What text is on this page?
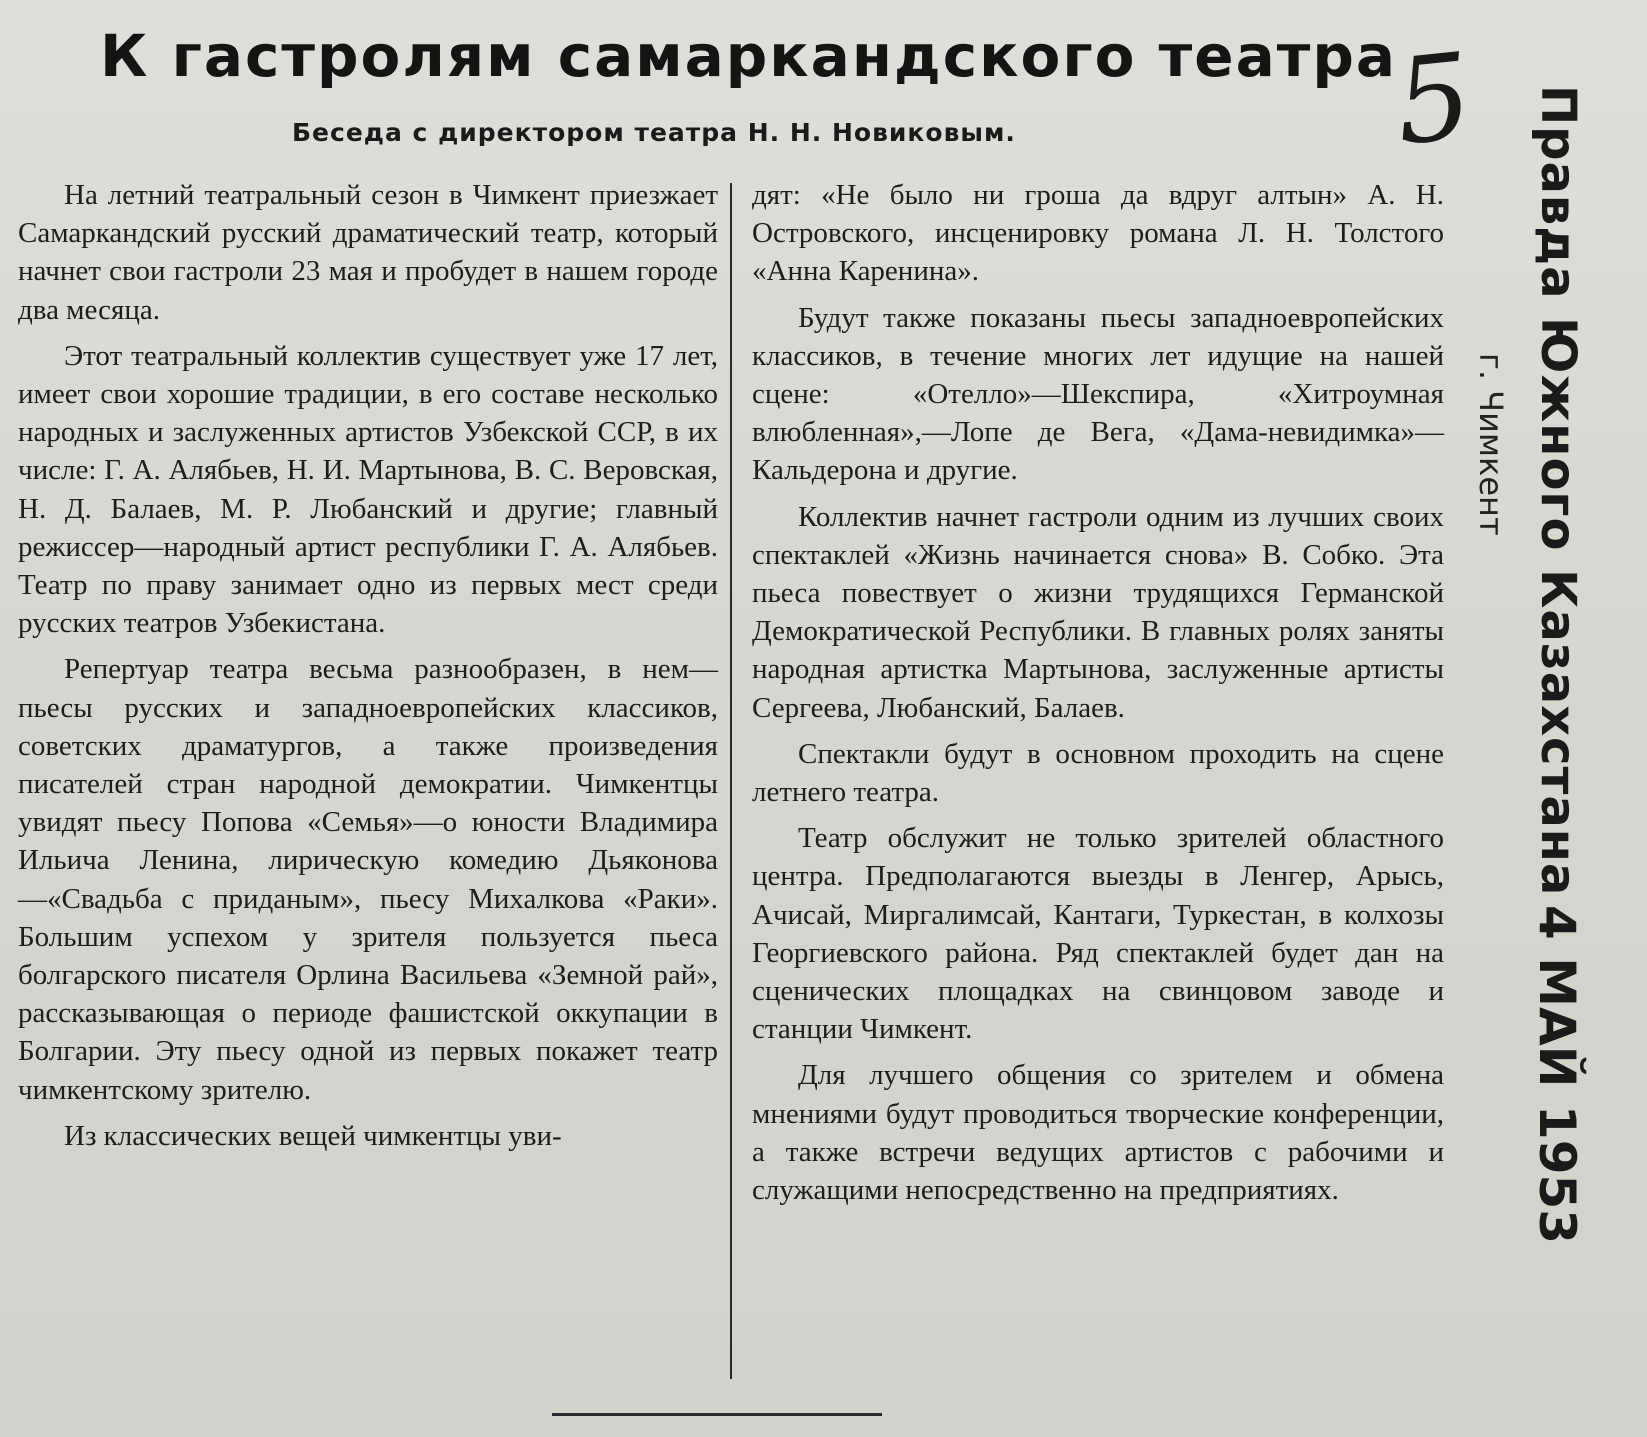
К гастролям самаркандского театра
Беседа с директором театра Н. Н. Новиковым.	5

На летний театральный сезон в Чимкент приезжает Самаркандский русский драматический театр, который начнет свои гастроли 23 мая и пробудет в нашем городе два месяца.

Этот театральный коллектив существует уже 17 лет, имеет свои хорошие традиции, в его составе несколько народных и заслуженных артистов Узбекской ССР, в их числе: Г. А. Алябьев, Н. И. Мартынова, В. С. Веровская, Н. Д. Балаев, М. Р. Любанский и другие; главный режиссер—народный артист республики Г. А. Алябьев. Театр по праву занимает одно из первых мест среди русских театров Узбекистана.

Репертуар театра весьма разнообразен, в нем—пьесы русских и западноевропейских классиков, советских драматургов, а также произведения писателей стран народной демократии. Чимкентцы увидят пьесу Попова «Семья»—о юности Владимира Ильича Ленина, лирическую комедию Дьяконова—«Свадьба с приданым», пьесу Михалкова «Раки». Большим успехом у зрителя пользуется пьеса болгарского писателя Орлина Васильева «Земной рай», рассказывающая о периоде фашистской оккупации в Болгарии. Эту пьесу одной из первых покажет театр чимкентскому зрителю.

Из классических вещей чимкентцы уви-

дят: «Не было ни гроша да вдруг алтын» А. Н. Островского, инсценировку романа Л. Н. Толстого «Анна Каренина».

Будут также показаны пьесы западноевропейских классиков, в течение многих лет идущие на нашей сцене: «Отелло»—Шекспира, «Хитроумная влюбленная»,—Лопе де Вега, «Дама-невидимка»—Кальдерона и другие.

Коллектив начнет гастроли одним из лучших своих спектаклей «Жизнь начинается снова» В. Собко. Эта пьеса повествует о жизни трудящихся Германской Демократической Республики. В главных ролях заняты народная артистка Мартынова, заслуженные артисты Сергеева, Любанский, Балаев.

Спектакли будут в основном проходить на сцене летнего театра.

Театр обслужит не только зрителей областного центра. Предполагаются выезды в Ленгер, Арысь, Ачисай, Миргалимсай, Кантаги, Туркестан, в колхозы Георгиевского района. Ряд спектаклей будет дан на сценических площадках на свинцовом заводе и станции Чимкент.

Для лучшего общения со зрителем и обмена мнениями будут проводиться творческие конференции, а также встречи ведущих артистов с рабочими и служащими непосредственно на предприятиях.

Правда Южного Казахстана
г. Чимкент
4 МАЙ 1953
